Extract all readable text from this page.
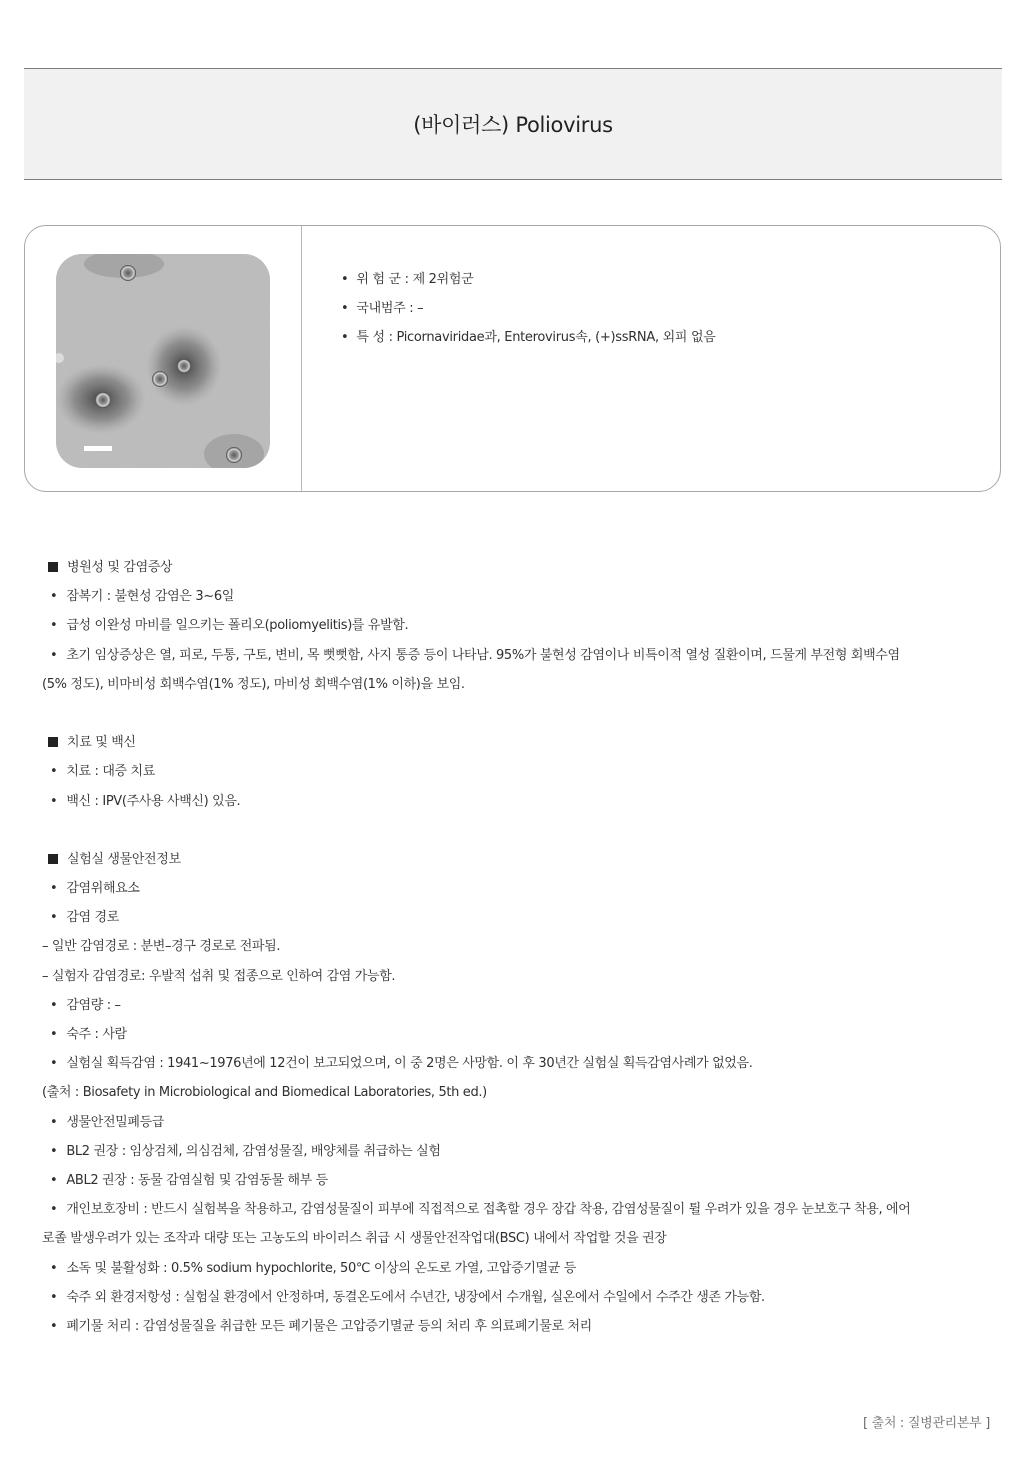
(바이러스) Poliovirus
• 위 험 군 : 제 2위험군
• 국내범주 : –
• 특 성 : Picornaviridae과, Enterovirus속, (+)ssRNA, 외피 없음
병원성 및 감염증상
• 잠복기 : 불현성 감염은 3~6일
• 급성 이완성 마비를 일으키는 폴리오(poliomyelitis)를 유발함.
• 초기 임상증상은 열, 피로, 두통, 구토, 변비, 목 뻣뻣함, 사지 통증 등이 나타남. 95%가 불현성 감염이나 비특이적 열성 질환이며, 드물게 부전형 회백수염
(5% 정도), 비마비성 회백수염(1% 정도), 마비성 회백수염(1% 이하)을 보임.
치료 및 백신
• 치료 : 대증 치료
• 백신 : IPV(주사용 사백신) 있음.
실험실 생물안전정보
• 감염위해요소
• 감염 경로
– 일반 감염경로 : 분변–경구 경로로 전파됨.
– 실험자 감염경로: 우발적 섭취 및 접종으로 인하여 감염 가능함.
• 감염량 : –
• 숙주 : 사람
• 실험실 획득감염 : 1941~1976년에 12건이 보고되었으며, 이 중 2명은 사망함. 이 후 30년간 실험실 획득감염사례가 없었음.
(출처 : Biosafety in Microbiological and Biomedical Laboratories, 5th ed.)
• 생물안전밀폐등급
• BL2 권장 : 임상검체, 의심검체, 감염성물질, 배양체를 취급하는 실험
• ABL2 권장 : 동물 감염실험 및 감염동물 해부 등
• 개인보호장비 : 반드시 실험복을 착용하고, 감염성물질이 피부에 직접적으로 접촉할 경우 장갑 착용, 감염성물질이 튈 우려가 있을 경우 눈보호구 착용, 에어
로졸 발생우려가 있는 조작과 대량 또는 고농도의 바이러스 취급 시 생물안전작업대(BSC) 내에서 작업할 것을 권장
• 소독 및 불활성화 : 0.5% sodium hypochlorite, 50℃ 이상의 온도로 가열, 고압증기멸균 등
• 숙주 외 환경저항성 : 실험실 환경에서 안정하며, 동결온도에서 수년간, 냉장에서 수개월, 실온에서 수일에서 수주간 생존 가능함.
• 폐기물 처리 : 감염성물질을 취급한 모든 폐기물은 고압증기멸균 등의 처리 후 의료폐기물로 처리
[ 출처 : 질병관리본부 ]
